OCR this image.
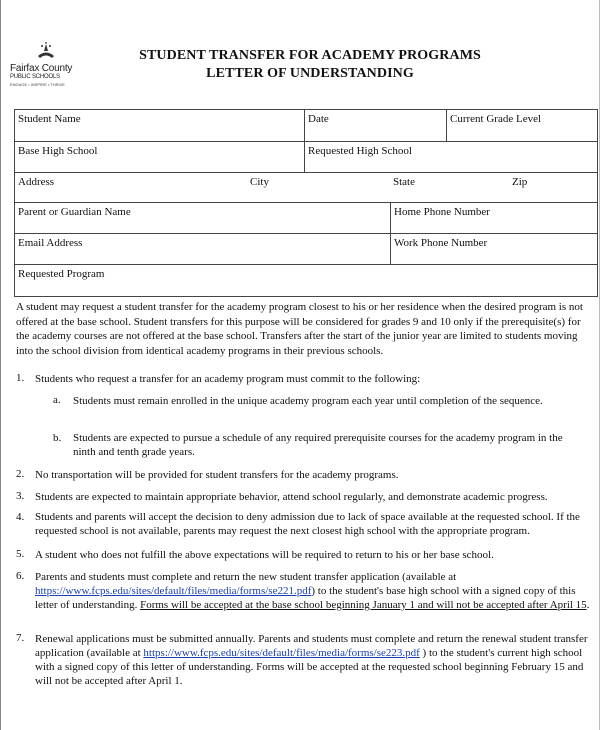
Fairfax County
PUBLIC SCHOOLS
ENGAGE • INSPIRE • THRIVE
STUDENT TRANSFER FOR ACADEMY PROGRAMS
LETTER OF UNDERSTANDING
Student Name	Date	Current Grade Level
Base High School	Requested High School
Address	City	State	Zip
Parent or Guardian Name	Home Phone Number
Email Address	Work Phone Number
Requested Program
A student may request a student transfer for the academy program closest to his or her residence when the desired program is not offered at the base school. Student transfers for this purpose will be considered for grades 9 and 10 only if the prerequisite(s) for the academy courses are not offered at the base school. Transfers after the start of the junior year are limited to students moving into the school division from identical academy programs in their previous schools.
1. Students who request a transfer for an academy program must commit to the following:
a. Students must remain enrolled in the unique academy program each year until completion of the sequence.
b. Students are expected to pursue a schedule of any required prerequisite courses for the academy program in the ninth and tenth grade years.
2. No transportation will be provided for student transfers for the academy programs.
3. Students are expected to maintain appropriate behavior, attend school regularly, and demonstrate academic progress.
4. Students and parents will accept the decision to deny admission due to lack of space available at the requested school. If the requested school is not available, parents may request the next closest high school with the appropriate program.
5. A student who does not fulfill the above expectations will be required to return to his or her base school.
6. Parents and students must complete and return the new student transfer application (available at
https://www.fcps.edu/sites/default/files/media/forms/se221.pdf) to the student's base high school with a signed copy of this letter of understanding. Forms will be accepted at the base school beginning January 1 and will not be accepted after April 15.
7. Renewal applications must be submitted annually. Parents and students must complete and return the renewal student transfer application (available at https://www.fcps.edu/sites/default/files/media/forms/se223.pdf ) to the student's current high school with a signed copy of this letter of understanding. Forms will be accepted at the requested school beginning February 15 and will not be accepted after April 1.
